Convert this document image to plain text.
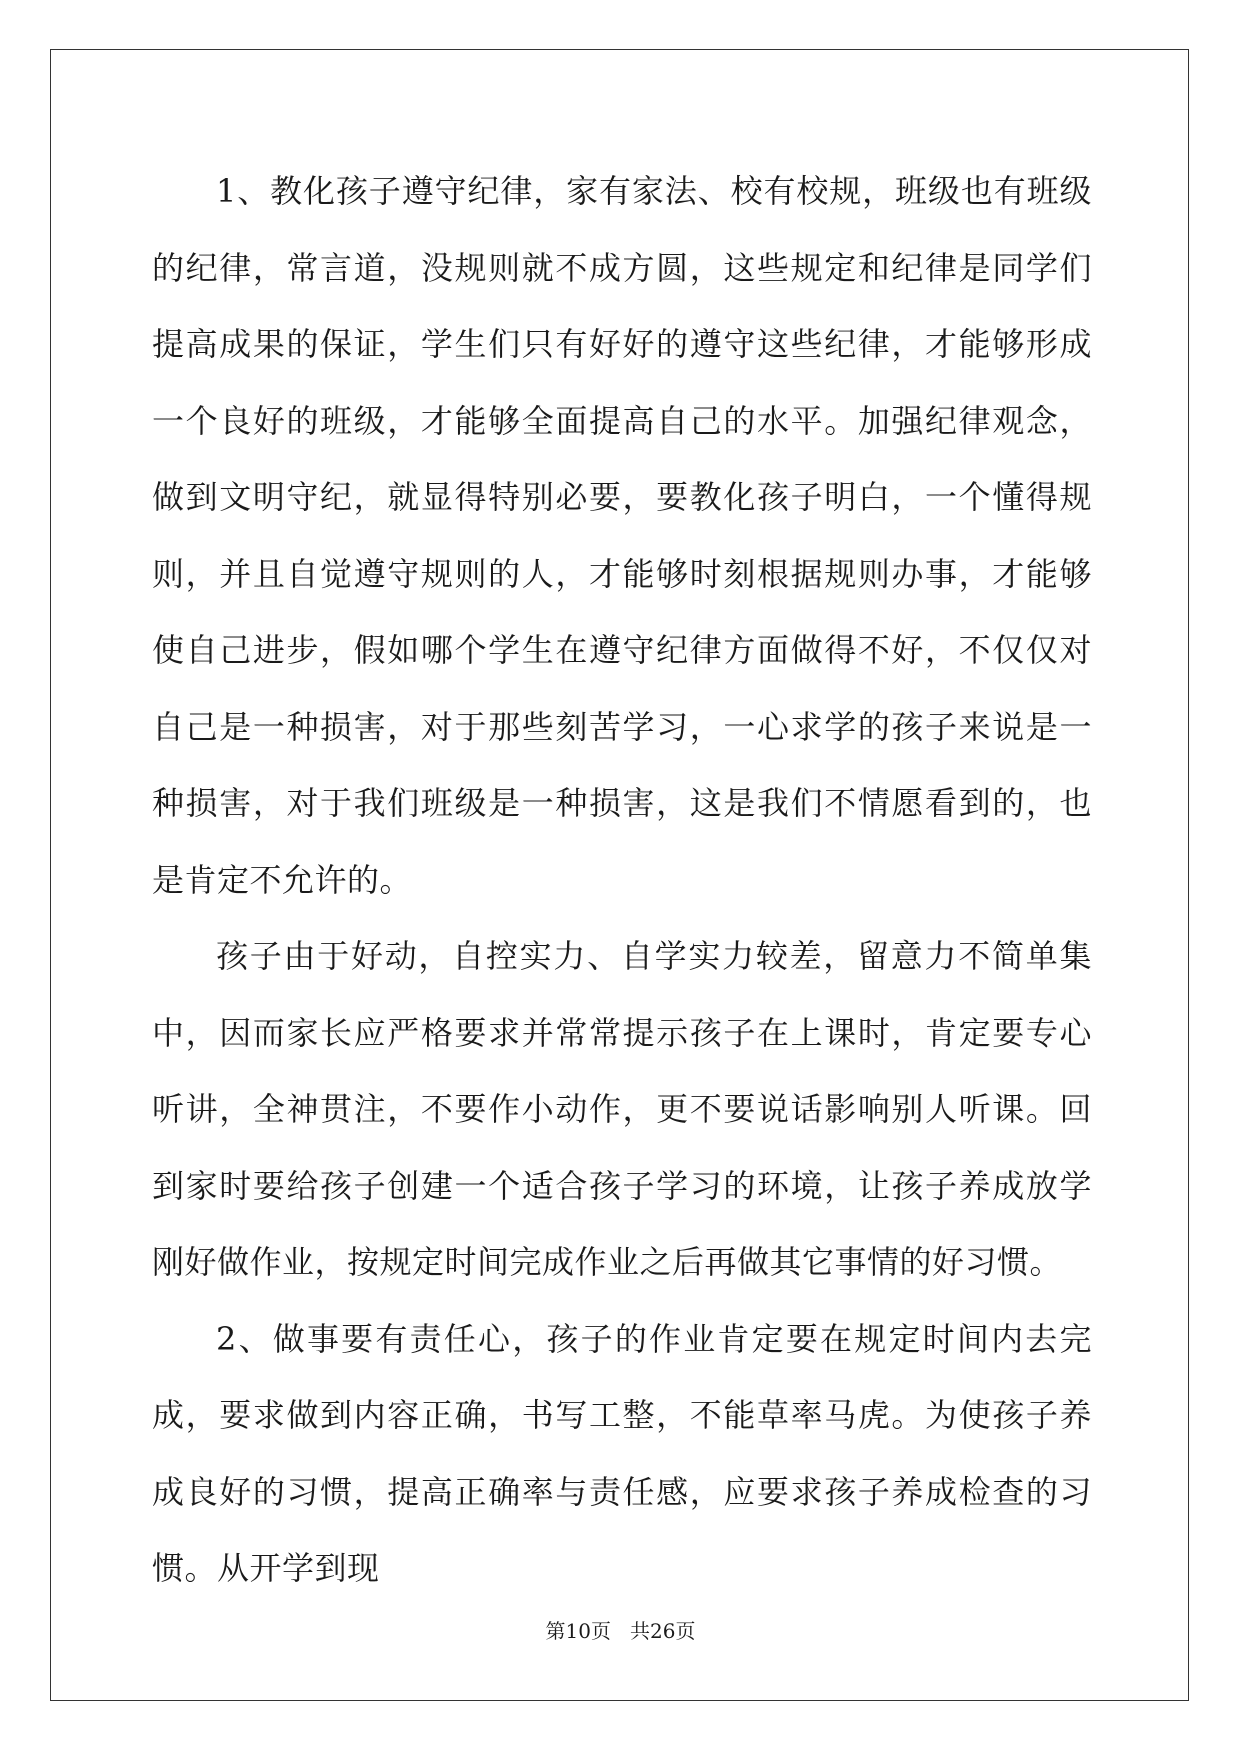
1、教化孩子遵守纪律，家有家法、校有校规，班级也有班级的纪律，常言道，没规则就不成方圆，这些规定和纪律是同学们提高成果的保证，学生们只有好好的遵守这些纪律，才能够形成一个良好的班级，才能够全面提高自己的水平。加强纪律观念，做到文明守纪，就显得特别必要，要教化孩子明白，一个懂得规则，并且自觉遵守规则的人，才能够时刻根据规则办事，才能够使自己进步，假如哪个学生在遵守纪律方面做得不好，不仅仅对自己是一种损害，对于那些刻苦学习，一心求学的孩子来说是一种损害，对于我们班级是一种损害，这是我们不情愿看到的，也是肯定不允许的。

孩子由于好动，自控实力、自学实力较差，留意力不简单集中，因而家长应严格要求并常常提示孩子在上课时，肯定要专心听讲，全神贯注，不要作小动作，更不要说话影响别人听课。回到家时要给孩子创建一个适合孩子学习的环境，让孩子养成放学刚好做作业，按规定时间完成作业之后再做其它事情的好习惯。

2、做事要有责任心，孩子的作业肯定要在规定时间内去完成，要求做到内容正确，书写工整，不能草率马虎。为使孩子养成良好的习惯，提高正确率与责任感，应要求孩子养成检查的习惯。从开学到现

第10页   共26页
